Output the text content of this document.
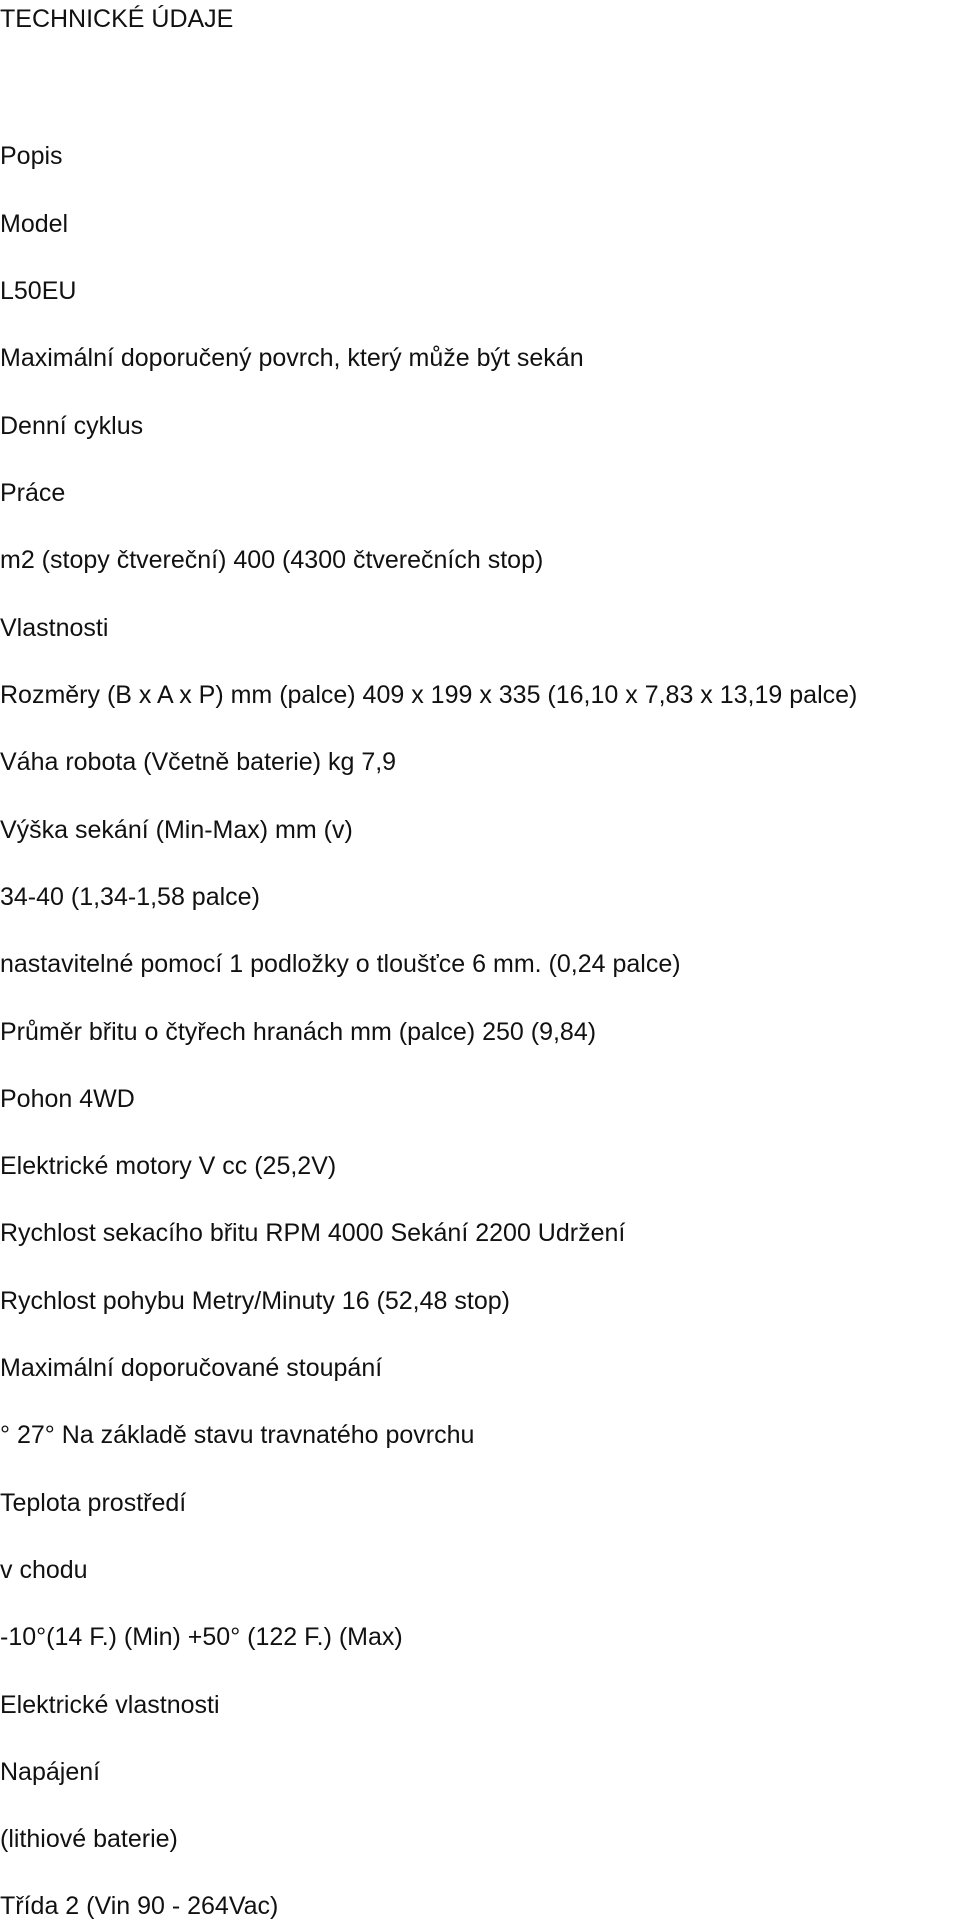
TECHNICKÉ ÚDAJE
Popis
Model
L50EU
Maximální doporučený povrch, který může být sekán
Denní cyklus
Práce
m2 (stopy čtvereční) 400 (4300 čtverečních stop)
Vlastnosti
Rozměry (B x A x P) mm (palce) 409 x 199 x 335 (16,10 x 7,83 x 13,19 palce)
Váha robota (Včetně baterie) kg 7,9
Výška sekání (Min-Max) mm (v)
34-40 (1,34-1,58 palce)
nastavitelné pomocí 1 podložky o tloušťce 6 mm. (0,24 palce)
Průměr břitu o čtyřech hranách mm (palce) 250 (9,84)
Pohon 4WD
Elektrické motory V cc (25,2V)
Rychlost sekacího břitu RPM 4000 Sekání 2200 Udržení
Rychlost pohybu Metry/Minuty 16 (52,48 stop)
Maximální doporučované stoupání
° 27° Na základě stavu travnatého povrchu
Teplota prostředí
v chodu
-10°(14 F.) (Min) +50° (122 F.) (Max)
Elektrické vlastnosti
Napájení
(lithiové baterie)
Třída 2 (Vin 90 - 264Vac)
